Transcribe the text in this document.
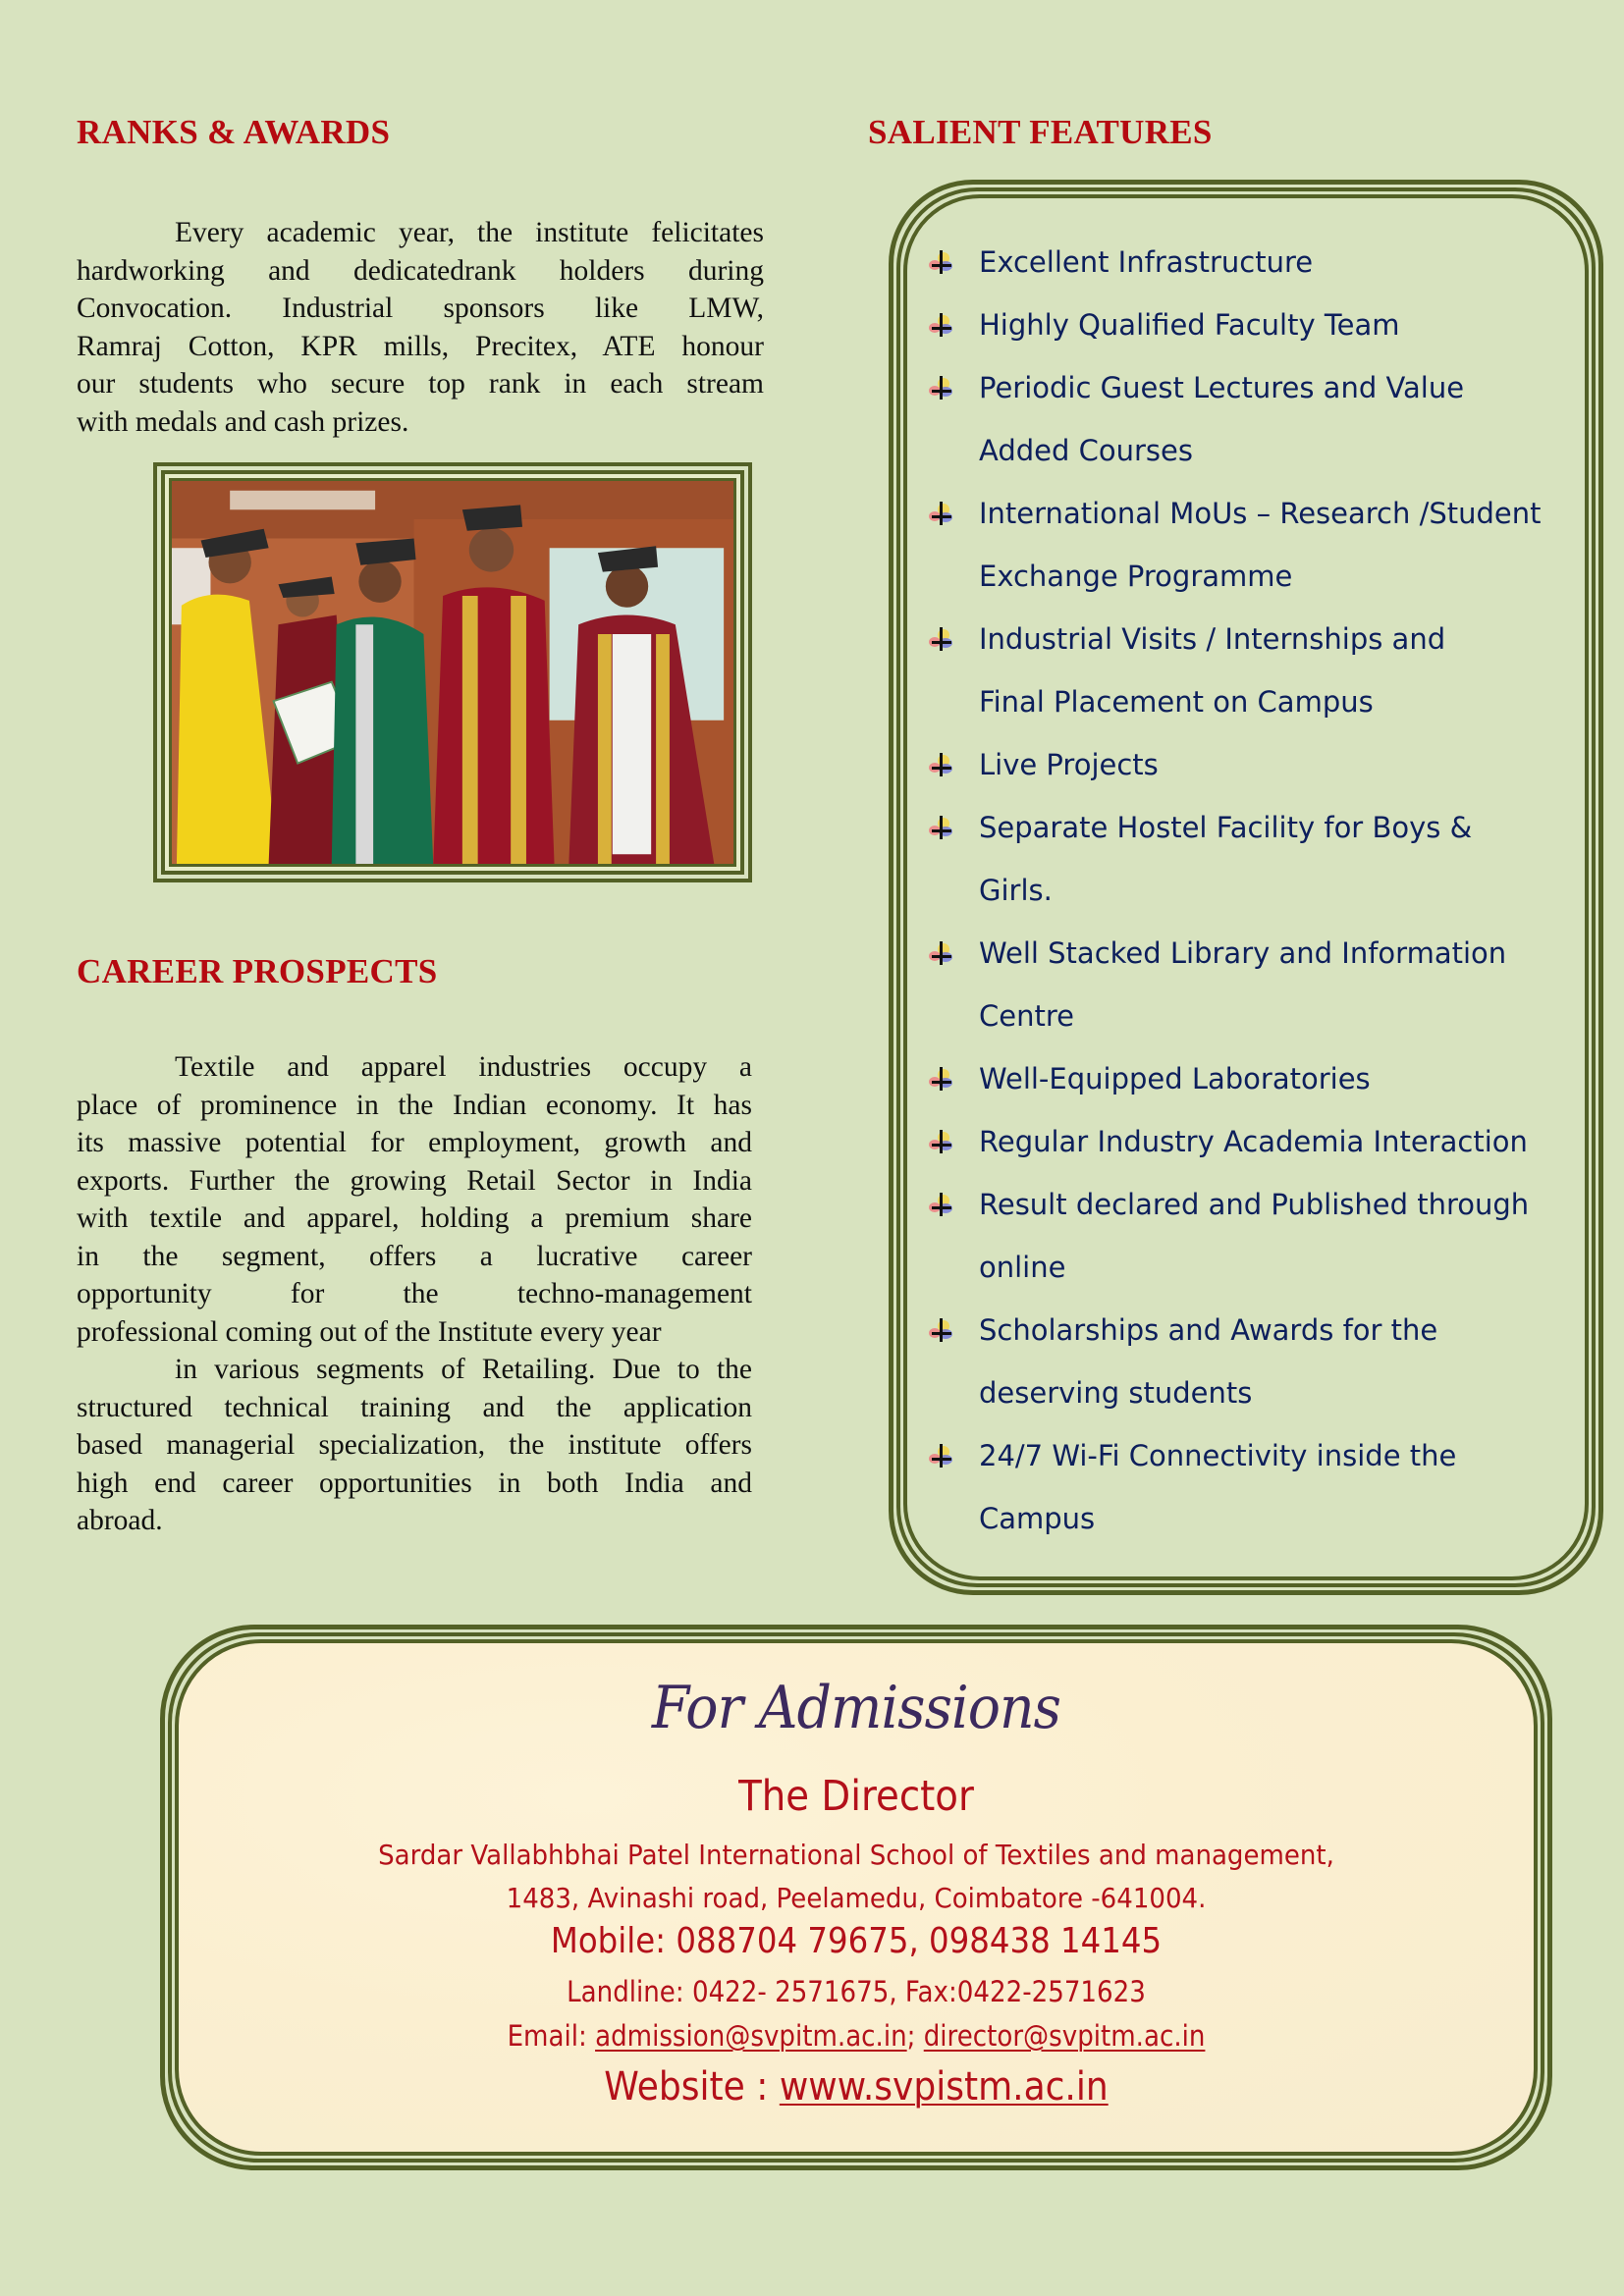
RANKS & AWARDS
Every academic year, the institute felicitates
hardworking and dedicatedrank holders during
Convocation. Industrial sponsors like LMW,
Ramraj Cotton, KPR mills, Precitex, ATE honour
our students who secure top rank in each stream
with medals and cash prizes.
CAREER PROSPECTS
Textile and apparel industries occupy a
place of prominence in the Indian economy. It has
its massive potential for employment, growth and
exports. Further the growing Retail Sector in India
with textile and apparel, holding a premium share
in the segment, offers a lucrative career
opportunity for the techno-management
professional coming out of the Institute every year
in various segments of Retailing. Due to the
structured technical training and the application
based managerial specialization, the institute offers
high end career opportunities in both India and
abroad.
SALIENT FEATURES
Excellent Infrastructure
Highly Qualified Faculty Team
Periodic Guest Lectures and Value
Added Courses
International MoUs – Research /Student
Exchange Programme
Industrial Visits / Internships and
Final Placement on Campus
Live Projects
Separate Hostel Facility for Boys &
Girls.
Well Stacked Library and Information
Centre
Well-Equipped Laboratories
Regular Industry Academia Interaction
Result declared and Published through
online
Scholarships and Awards for the
deserving students
24/7 Wi-Fi Connectivity inside the
Campus
For Admissions
The Director
Sardar Vallabhbhai Patel International School of Textiles and management,
1483, Avinashi road, Peelamedu, Coimbatore -641004.
Mobile: 088704 79675, 098438 14145
Landline: 0422- 2571675, Fax:0422-2571623
Email: admission@svpitm.ac.in; director@svpitm.ac.in
Website : www.svpistm.ac.in
